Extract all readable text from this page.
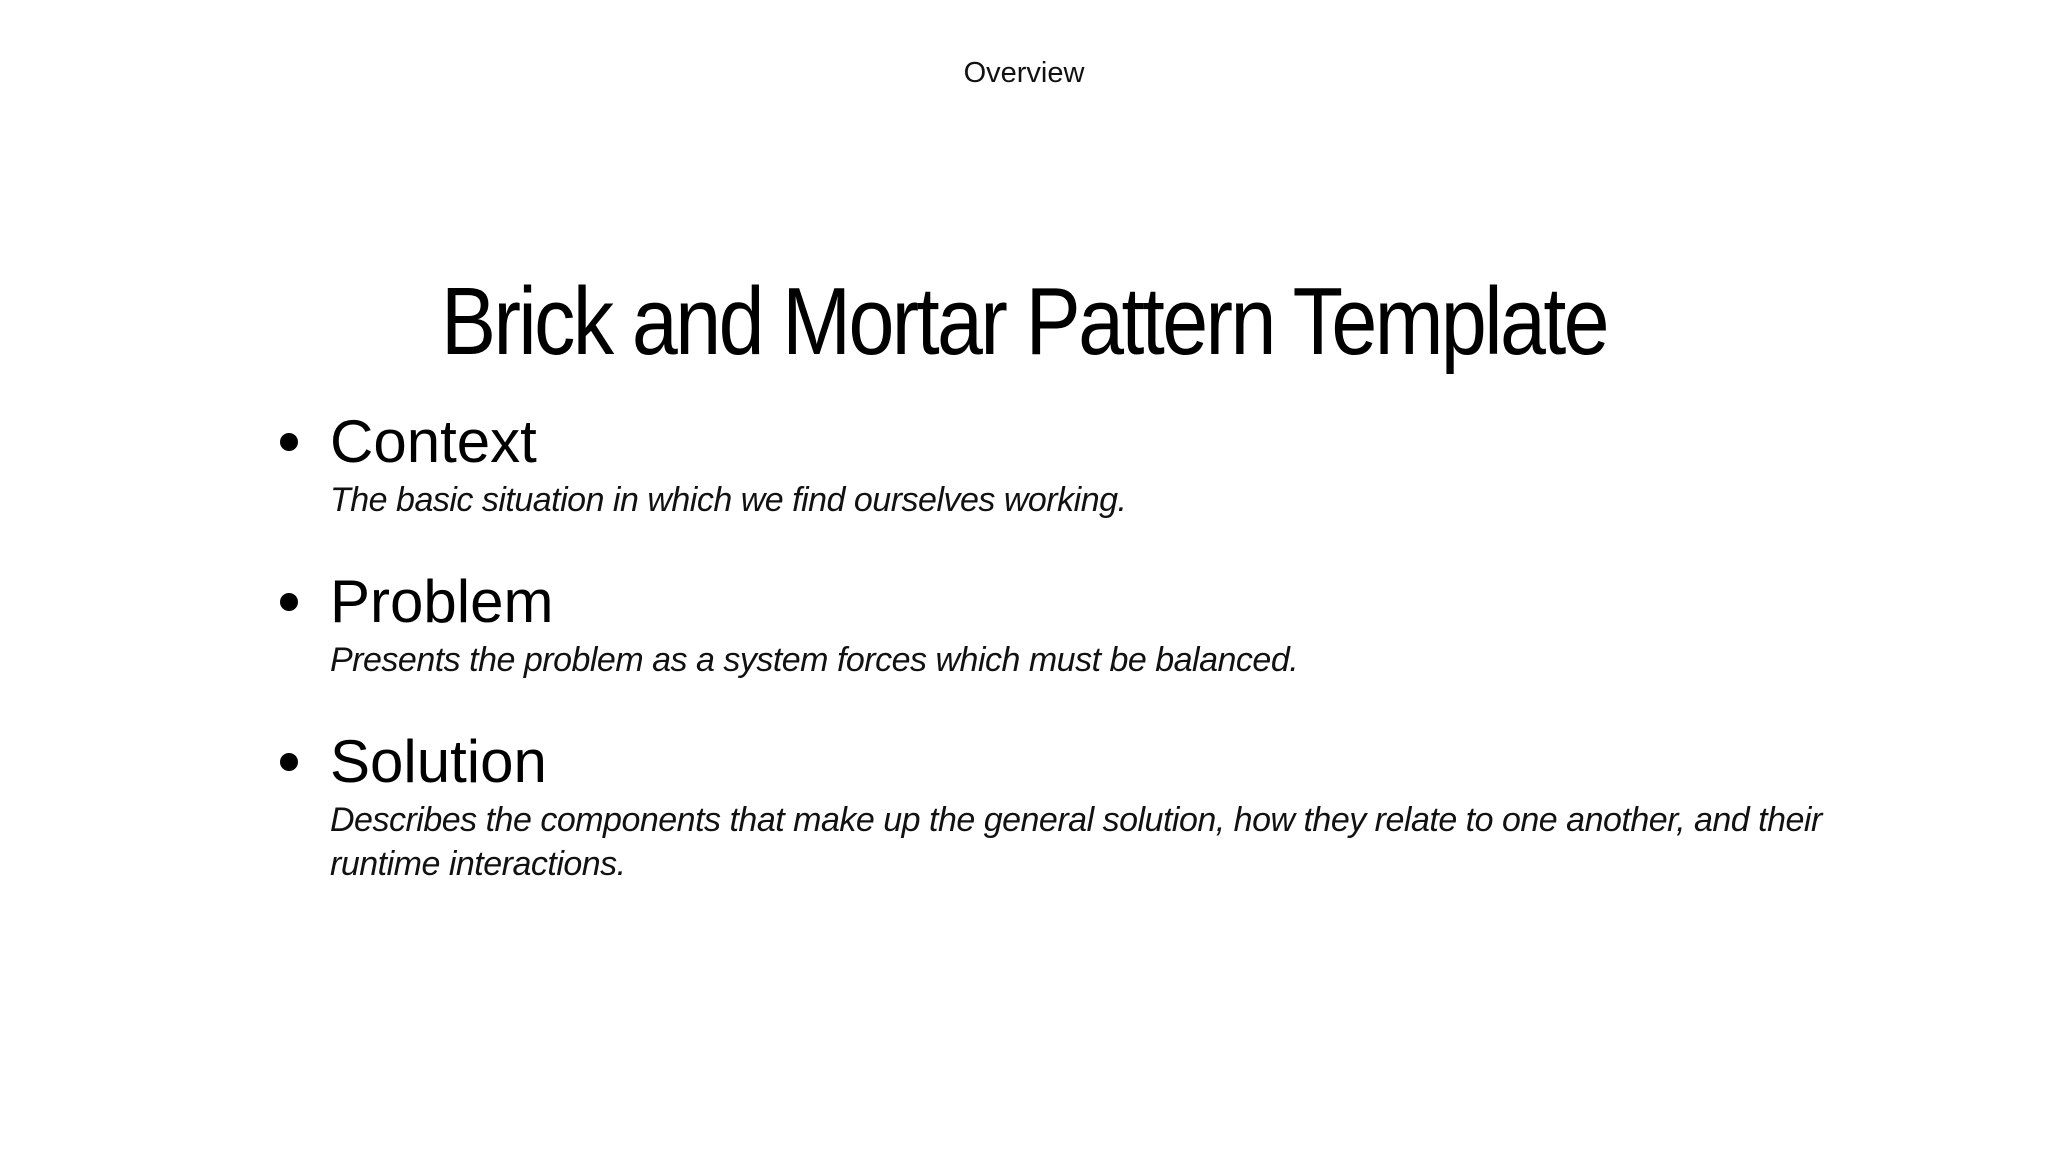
Overview
Brick and Mortar Pattern Template
Context
The basic situation in which we find ourselves working.
Problem
Presents the problem as a system forces which must be balanced.
Solution
Describes the components that make up the general solution, how they relate to one another, and their runtime interactions.
